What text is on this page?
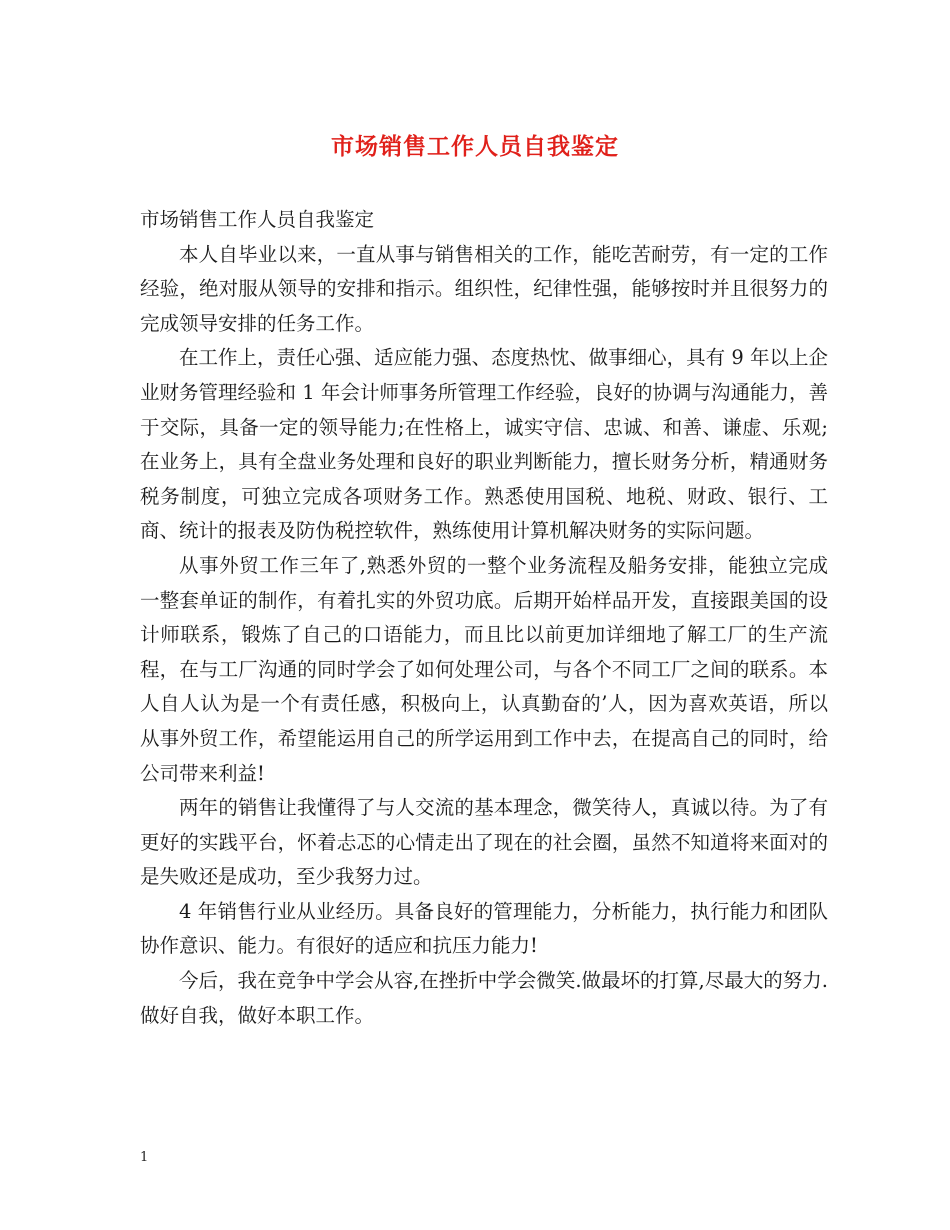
市场销售工作人员自我鉴定

市场销售工作人员自我鉴定

本人自毕业以来，一直从事与销售相关的工作，能吃苦耐劳，有一定的工作经验，绝对服从领导的安排和指示。组织性，纪律性强，能够按时并且很努力的完成领导安排的任务工作。

在工作上，责任心强、适应能力强、态度热忱、做事细心，具有 9 年以上企业财务管理经验和 1 年会计师事务所管理工作经验，良好的协调与沟通能力，善于交际，具备一定的领导能力;在性格上，诚实守信、忠诚、和善、谦虚、乐观;在业务上，具有全盘业务处理和良好的职业判断能力，擅长财务分析，精通财务税务制度，可独立完成各项财务工作。熟悉使用国税、地税、财政、银行、工商、统计的报表及防伪税控软件，熟练使用计算机解决财务的实际问题。

从事外贸工作三年了,熟悉外贸的一整个业务流程及船务安排，能独立完成一整套单证的制作，有着扎实的外贸功底。后期开始样品开发，直接跟美国的设计师联系，锻炼了自己的口语能力，而且比以前更加详细地了解工厂的生产流程，在与工厂沟通的同时学会了如何处理公司，与各个不同工厂之间的联系。本人自人认为是一个有责任感，积极向上，认真勤奋的’人，因为喜欢英语，所以从事外贸工作，希望能运用自己的所学运用到工作中去，在提高自己的同时，给公司带来利益!

两年的销售让我懂得了与人交流的基本理念，微笑待人，真诚以待。为了有更好的实践平台，怀着忐忑的心情走出了现在的社会圈，虽然不知道将来面对的是失败还是成功，至少我努力过。

4 年销售行业从业经历。具备良好的管理能力，分析能力，执行能力和团队协作意识、能力。有很好的适应和抗压力能力!

今后，我在竞争中学会从容,在挫折中学会微笑.做最坏的打算,尽最大的努力.做好自我，做好本职工作。

1
